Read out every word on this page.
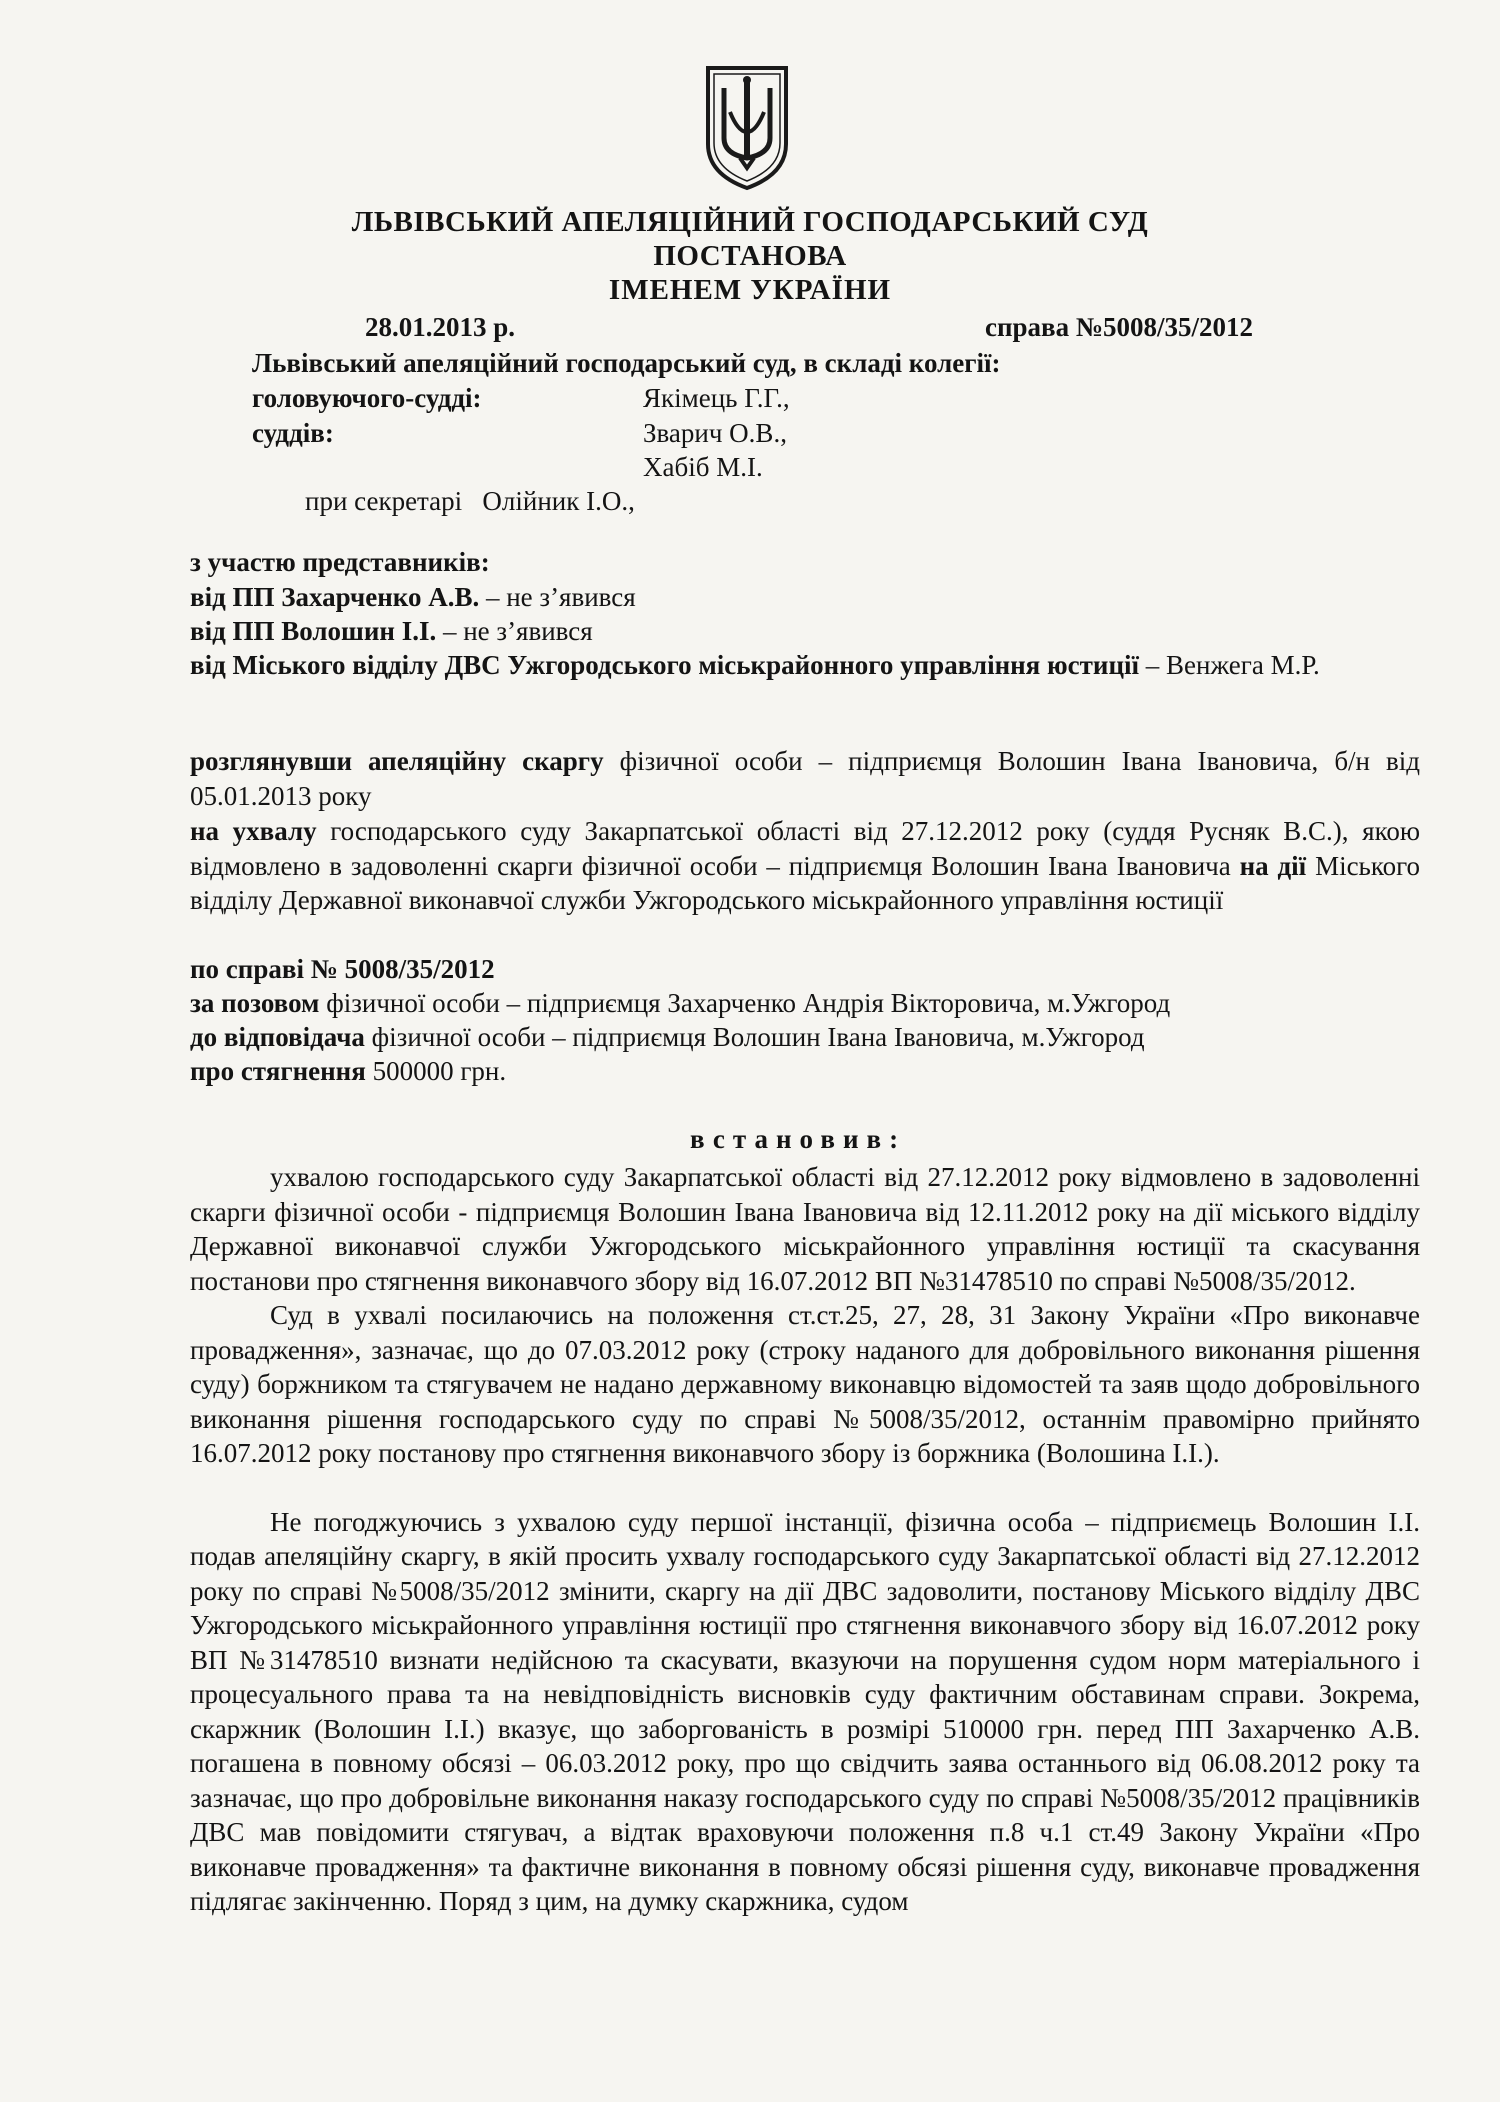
ЛЬВІВСЬКИЙ АПЕЛЯЦІЙНИЙ ГОСПОДАРСЬКИЙ СУД
ПОСТАНОВА
ІМЕНЕМ УКРАЇНИ
28.01.2013 р.	справа №5008/35/2012
Львівський апеляційний господарський суд, в складі колегії:
головуючого-судді:	Якімець Г.Г.,
суддів:	Зварич О.В.,
Хабіб М.І.
при секретарі Олійник І.О.,
з участю представників:
від ПП Захарченко А.В. – не з’явився
від ПП Волошин І.І. – не з’явився
від Міського відділу ДВС Ужгородського міськрайонного управління юстиції – Венжега М.Р.
розглянувши апеляційну скаргу фізичної особи – підприємця Волошин Івана Івановича, б/н від 05.01.2013 року
на ухвалу господарського суду Закарпатської області від 27.12.2012 року (суддя Русняк В.С.), якою відмовлено в задоволенні скарги фізичної особи – підприємця Волошин Івана Івановича на дії Міського відділу Державної виконавчої служби Ужгородського міськрайонного управління юстиції
по справі № 5008/35/2012
за позовом фізичної особи – підприємця Захарченко Андрія Вікторовича, м.Ужгород
до відповідача фізичної особи – підприємця Волошин Івана Івановича, м.Ужгород
про стягнення 500000 грн.
встановив:

ухвалою господарського суду Закарпатської області від 27.12.2012 року відмовлено в задоволенні скарги фізичної особи - підприємця Волошин Івана Івановича від 12.11.2012 року на дії міського відділу Державної виконавчої служби Ужгородського міськрайонного управління юстиції та скасування постанови про стягнення виконавчого збору від 16.07.2012 ВП №31478510 по справі №5008/35/2012.

Суд в ухвалі посилаючись на положення ст.ст.25, 27, 28, 31 Закону України «Про виконавче провадження», зазначає, що до 07.03.2012 року (строку наданого для добровільного виконання рішення суду) боржником та стягувачем не надано державному виконавцю відомостей та заяв щодо добровільного виконання рішення господарського суду по справі №5008/35/2012, останнім правомірно прийнято 16.07.2012 року постанову про стягнення виконавчого збору із боржника (Волошина І.І.).

Не погоджуючись з ухвалою суду першої інстанції, фізична особа – підприємець Волошин І.І. подав апеляційну скаргу, в якій просить ухвалу господарського суду Закарпатської області від 27.12.2012 року по справі №5008/35/2012 змінити, скаргу на дії ДВС задоволити, постанову Міського відділу ДВС Ужгородського міськрайонного управління юстиції про стягнення виконавчого збору від 16.07.2012 року ВП №31478510 визнати недійсною та скасувати, вказуючи на порушення судом норм матеріального і процесуального права та на невідповідність висновків суду фактичним обставинам справи. Зокрема, скаржник (Волошин І.І.) вказує, що заборгованість в розмірі 510000 грн. перед ПП Захарченко А.В. погашена в повному обсязі – 06.03.2012 року, про що свідчить заява останнього від 06.08.2012 року та зазначає, що про добровільне виконання наказу господарського суду по справі №5008/35/2012 працівників ДВС мав повідомити стягувач, а відтак враховуючи положення п.8 ч.1 ст.49 Закону України «Про виконавче провадження» та фактичне виконання в повному обсязі рішення суду, виконавче провадження підлягає закінченню. Поряд з цим, на думку скаржника, судом
